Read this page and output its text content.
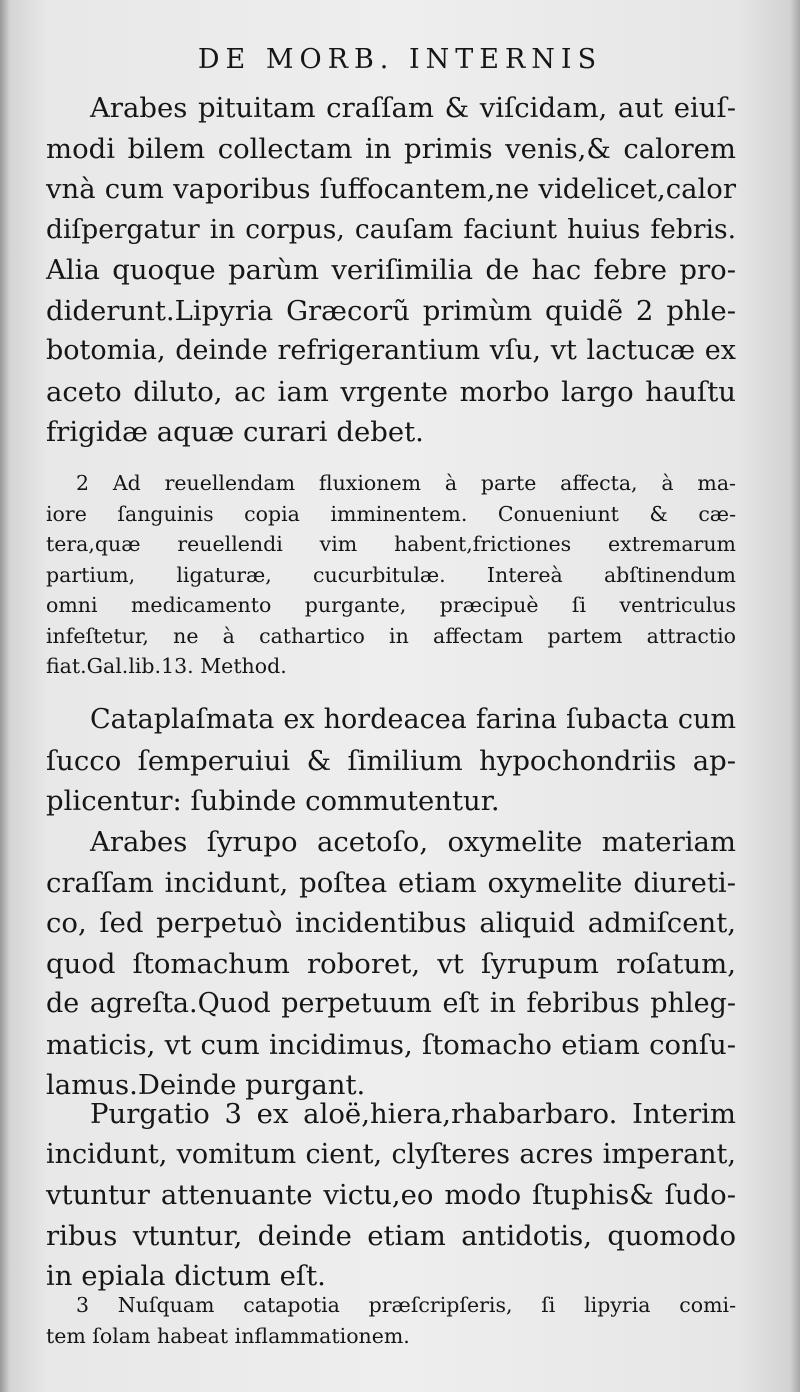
DE MORB. INTERNIS
Arabes pituitam craſſam & viſcidam, aut eiuſ-
modi bilem collectam in primis venis,& calorem
vnà cum vaporibus ſuffocantem,ne videlicet,calor
diſpergatur in corpus, cauſam faciunt huius febris.
Alia quoque parùm veriſimilia de hac febre pro-
diderunt.Lipyria Græcorũ primùm quidẽ 2 phle-
botomia, deinde refrigerantium vſu, vt lactucæ ex
aceto diluto, ac iam vrgente morbo largo hauſtu
frigidæ aquæ curari debet.
2 Ad reuellendam fluxionem à parte affecta, à ma-
iore ſanguinis copia imminentem. Conueniunt & cæ-
tera,quæ reuellendi vim habent,frictiones extremarum
partium, ligaturæ, cucurbitulæ. Intereà abſtinendum
omni medicamento purgante, præcipuè ſi ventriculus
infeſtetur, ne à cathartico in affectam partem attractio
fiat.Gal.lib.13. Method.
Cataplaſmata ex hordeacea farina ſubacta cum
ſucco ſemperuiui & ſimilium hypochondriis ap-
plicentur: ſubinde commutentur.
Arabes ſyrupo acetoſo, oxymelite materiam
craſſam incidunt, poſtea etiam oxymelite diureti-
co, ſed perpetuò incidentibus aliquid admiſcent,
quod ſtomachum roboret, vt ſyrupum roſatum,
de agreſta.Quod perpetuum eſt in febribus phleg-
maticis, vt cum incidimus, ſtomacho etiam conſu-
lamus.Deinde purgant.
Purgatio 3 ex aloë,hiera,rhabarbaro. Interim
incidunt, vomitum cient, clyſteres acres imperant,
vtuntur attenuante victu,eo modo ſtuphis& ſudo-
ribus vtuntur, deinde etiam antidotis, quomodo
in epiala dictum eſt.
3 Nuſquam catapotia præſcripſeris, ſi lipyria comi-
tem ſolam habeat inflammationem.
